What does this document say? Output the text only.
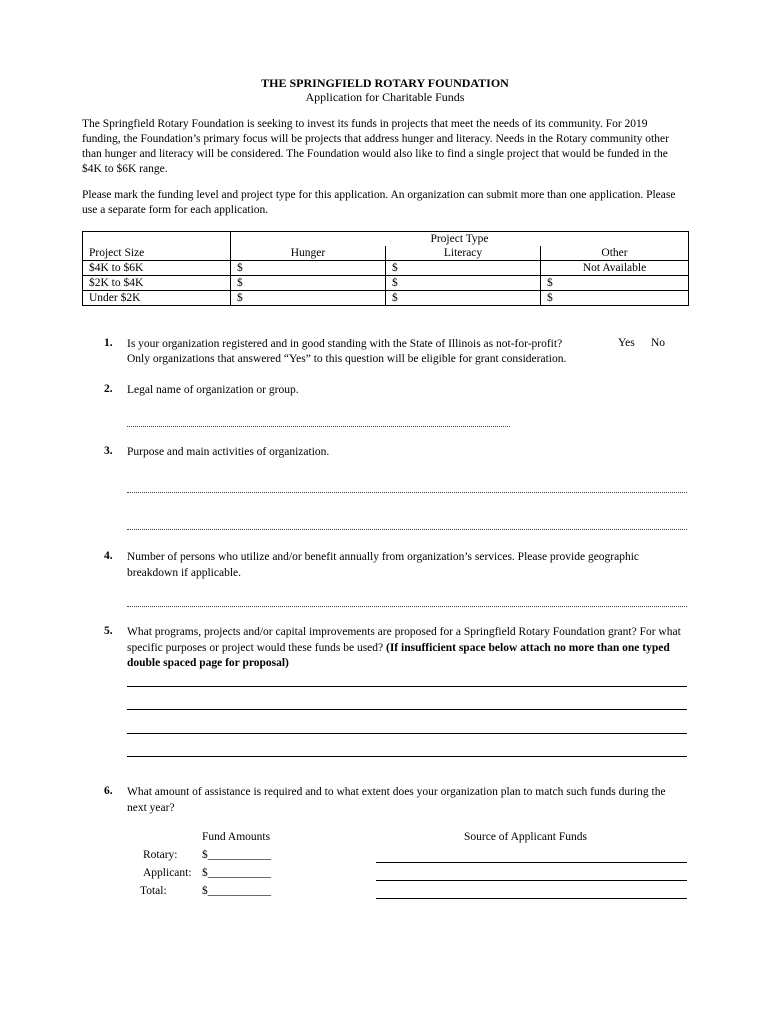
THE SPRINGFIELD ROTARY FOUNDATION
Application for Charitable Funds
The Springfield Rotary Foundation is seeking to invest its funds in projects that meet the needs of its community. For 2019 funding, the Foundation’s primary focus will be projects that address hunger and literacy. Needs in the Rotary community other than hunger and literacy will be considered. The Foundation would also like to find a single project that would be funded in the $4K to $6K range.
Please mark the funding level and project type for this application. An organization can submit more than one application. Please use a separate form for each application.
	Project Type		
Project Size	Hunger	Literacy	Other
$4K to $6K	$	$	Not Available
$2K to $4K	$	$	$
Under $2K	$	$	$
1. Is your organization registered and in good standing with the State of Illinois as not-for-profit?	Yes No
Only organizations that answered “Yes” to this question will be eligible for grant consideration.
2. Legal name of organization or group.
3. Purpose and main activities of organization.
4. Number of persons who utilize and/or benefit annually from organization’s services. Please provide geographic breakdown if applicable.
5. What programs, projects and/or capital improvements are proposed for a Springfield Rotary Foundation grant? For what specific purposes or project would these funds be used? (If insufficient space below attach no more than one typed double spaced page for proposal)
6. What amount of assistance is required and to what extent does your organization plan to match such funds during the next year?
Fund Amounts	Source of Applicant Funds
Rotary: $___________
Applicant: $___________
Total:	$___________
